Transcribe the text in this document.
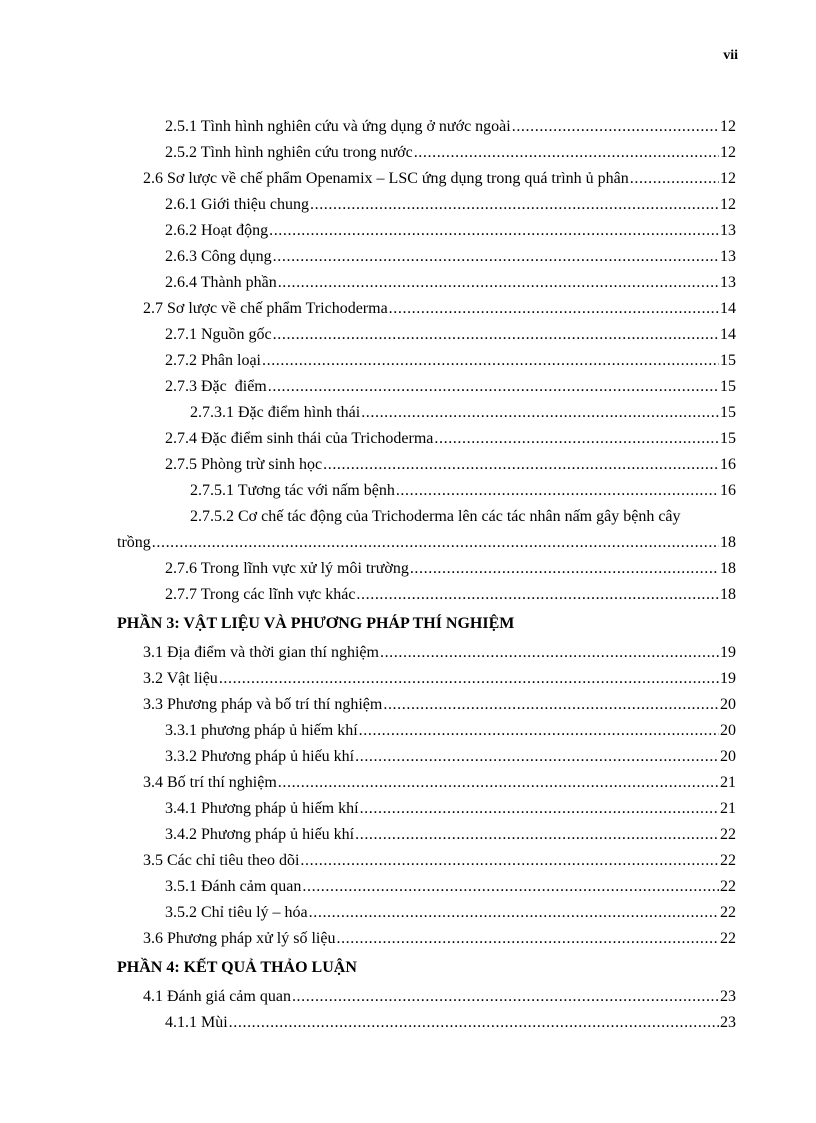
vii
2.5.1 Tình hình nghiên cứu và ứng dụng ở nước ngoài .....	12
2.5.2 Tình hình nghiên cứu trong nước .....	12
2.6 Sơ lược về chế phẩm Openamix – LSC ứng dụng trong quá trình ủ phân .....	12
2.6.1 Giới thiệu chung .....	12
2.6.2 Hoạt động .....	13
2.6.3 Công dụng .....	13
2.6.4 Thành phần .....	13
2.7 Sơ lược về chế phẩm Trichoderma .....	14
2.7.1 Nguồn gốc .....	14
2.7.2 Phân loại .....	15
2.7.3 Đặc  điểm .....	15
2.7.3.1 Đặc điểm hình thái .....	15
2.7.4 Đặc điểm sinh thái của Trichoderma .....	15
2.7.5 Phòng trừ sinh học .....	16
2.7.5.1 Tương tác với nấm bệnh .....	16
2.7.5.2 Cơ chế tác động của Trichoderma lên các tác nhân nấm gây bệnh cây
trồng .....	18
2.7.6 Trong lĩnh vực xử lý môi trường .....	18
2.7.7 Trong các lĩnh vực khác .....	18
PHẦN 3: VẬT LIỆU VÀ PHƯƠNG PHÁP THÍ NGHIỆM
3.1 Địa điểm và thời gian thí nghiệm .....	19
3.2 Vật liệu .....	19
3.3 Phương pháp và bố trí thí nghiệm .....	20
3.3.1 phương pháp ủ hiếm khí .....	20
3.3.2 Phương pháp ủ hiếu khí .....	20
3.4 Bố trí thí nghiệm .....	21
3.4.1 Phương pháp ủ hiếm khí .....	21
3.4.2 Phương pháp ủ hiếu khí .....	22
3.5 Các chỉ tiêu theo dõi .....	22
3.5.1 Đánh cảm quan .....	22
3.5.2 Chỉ tiêu lý – hóa .....	22
3.6 Phương pháp xử lý số liệu .....	22
PHẦN 4: KẾT QUẢ THẢO LUẬN
4.1 Đánh giá cảm quan .....	23
4.1.1 Mùi .....	23
